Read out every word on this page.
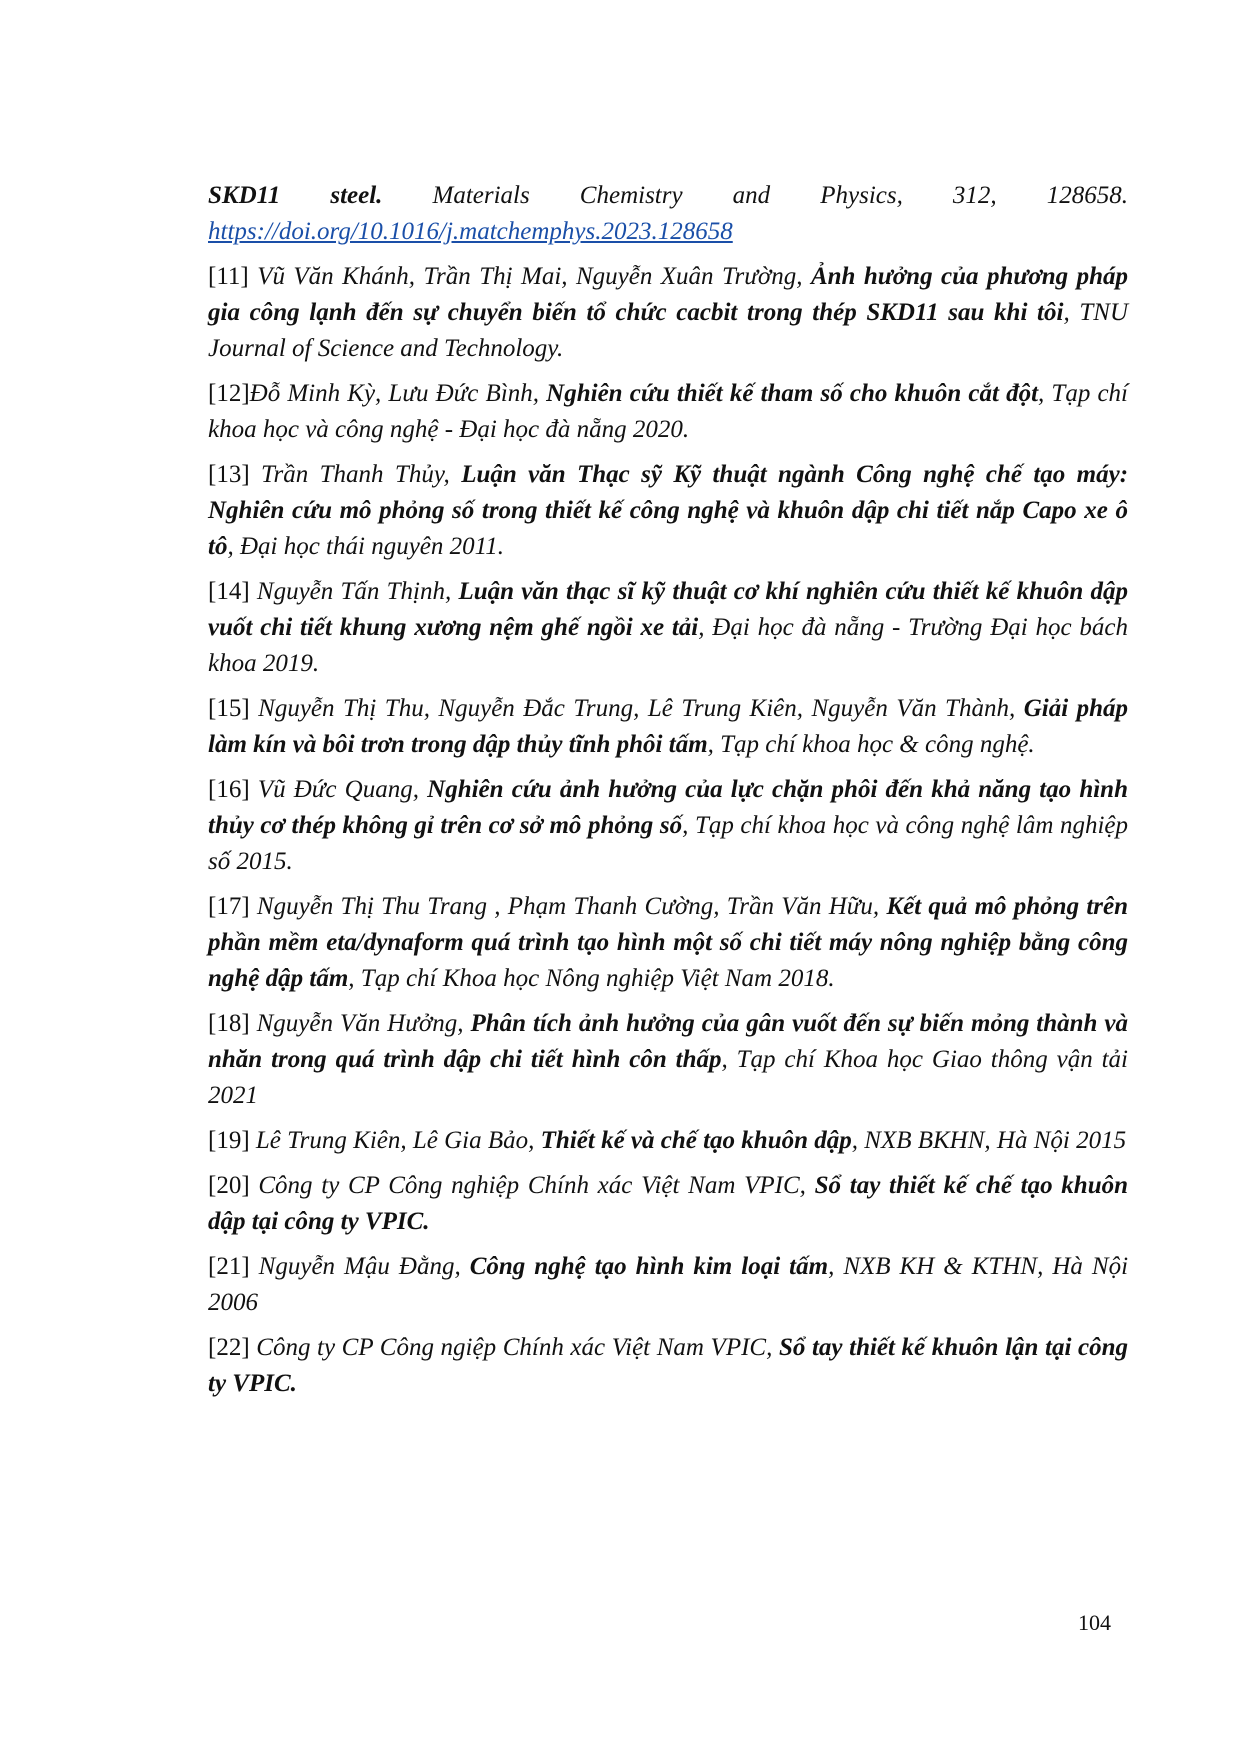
SKD11 steel. Materials Chemistry and Physics, 312, 128658.
https://doi.org/10.1016/j.matchemphys.2023.128658

[11] Vũ Văn Khánh, Trần Thị Mai, Nguyễn Xuân Trường, Ảnh hưởng của phương pháp gia công lạnh đến sự chuyển biến tổ chức cacbit trong thép SKD11 sau khi tôi, TNU Journal of Science and Technology.

[12]Đỗ Minh Kỳ, Lưu Đức Bình, Nghiên cứu thiết kế tham số cho khuôn cắt đột, Tạp chí khoa học và công nghệ - Đại học đà nẵng 2020.

[13] Trần Thanh Thủy, Luận văn Thạc sỹ Kỹ thuật ngành Công nghệ chế tạo máy: Nghiên cứu mô phỏng số trong thiết kế công nghệ và khuôn dập chi tiết nắp Capo xe ô tô, Đại học thái nguyên 2011.

[14] Nguyễn Tấn Thịnh, Luận văn thạc sĩ kỹ thuật cơ khí nghiên cứu thiết kế khuôn dập vuốt chi tiết khung xương nệm ghế ngồi xe tải, Đại học đà nẵng - Trường Đại học bách khoa 2019.

[15] Nguyễn Thị Thu, Nguyễn Đắc Trung, Lê Trung Kiên, Nguyễn Văn Thành, Giải pháp làm kín và bôi trơn trong dập thủy tĩnh phôi tấm, Tạp chí khoa học & công nghệ.

[16] Vũ Đức Quang, Nghiên cứu ảnh hưởng của lực chặn phôi đến khả năng tạo hình thủy cơ thép không gỉ trên cơ sở mô phỏng số, Tạp chí khoa học và công nghệ lâm nghiệp số 2015.

[17] Nguyễn Thị Thu Trang , Phạm Thanh Cường, Trần Văn Hữu, Kết quả mô phỏng trên phần mềm eta/dynaform quá trình tạo hình một số chi tiết máy nông nghiệp bằng công nghệ dập tấm, Tạp chí Khoa học Nông nghiệp Việt Nam 2018.

[18] Nguyễn Văn Hưởng, Phân tích ảnh hưởng của gân vuốt đến sự biến mỏng thành và nhăn trong quá trình dập chi tiết hình côn thấp, Tạp chí Khoa học Giao thông vận tải 2021

[19] Lê Trung Kiên, Lê Gia Bảo, Thiết kế và chế tạo khuôn dập, NXB BKHN, Hà Nội 2015

[20] Công ty CP Công nghiệp Chính xác Việt Nam VPIC, Sổ tay thiết kế chế tạo khuôn dập tại công ty VPIC.

[21] Nguyễn Mậu Đằng, Công nghệ tạo hình kim loại tấm, NXB KH & KTHN, Hà Nội 2006

[22] Công ty CP Công ngiệp Chính xác Việt Nam VPIC, Sổ tay thiết kế khuôn lận tại công ty VPIC.

104
